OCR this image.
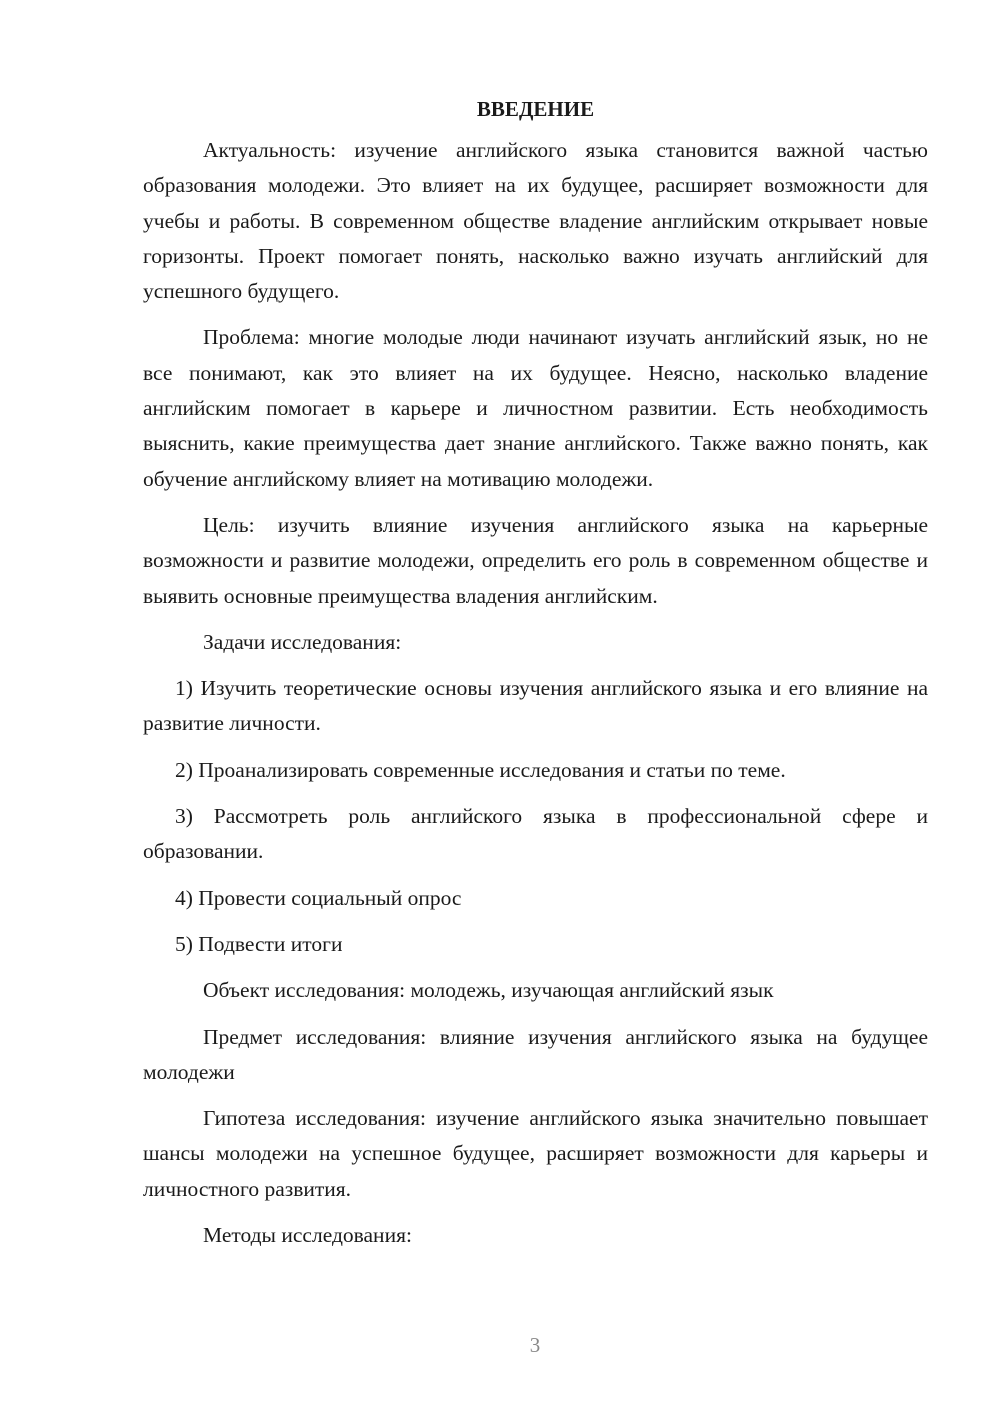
ВВЕДЕНИЕ

Актуальность: изучение английского языка становится важной частью образования молодежи. Это влияет на их будущее, расширяет возможности для учебы и работы. В современном обществе владение английским открывает новые горизонты. Проект помогает понять, насколько важно изучать английский для успешного будущего.

Проблема: многие молодые люди начинают изучать английский язык, но не все понимают, как это влияет на их будущее. Неясно, насколько владение английским помогает в карьере и личностном развитии. Есть необходимость выяснить, какие преимущества дает знание английского. Также важно понять, как обучение английскому влияет на мотивацию молодежи.

Цель: изучить влияние изучения английского языка на карьерные возможности и развитие молодежи, определить его роль в современном обществе и выявить основные преимущества владения английским.

Задачи исследования:

1) Изучить теоретические основы изучения английского языка и его влияние на развитие личности.

2) Проанализировать современные исследования и статьи по теме.

3) Рассмотреть роль английского языка в профессиональной сфере и образовании.

4) Провести социальный опрос

5) Подвести итоги

Объект исследования: молодежь, изучающая английский язык

Предмет исследования: влияние изучения английского языка на будущее молодежи

Гипотеза исследования: изучение английского языка значительно повышает шансы молодежи на успешное будущее, расширяет возможности для карьеры и личностного развития.

Методы исследования:

3
